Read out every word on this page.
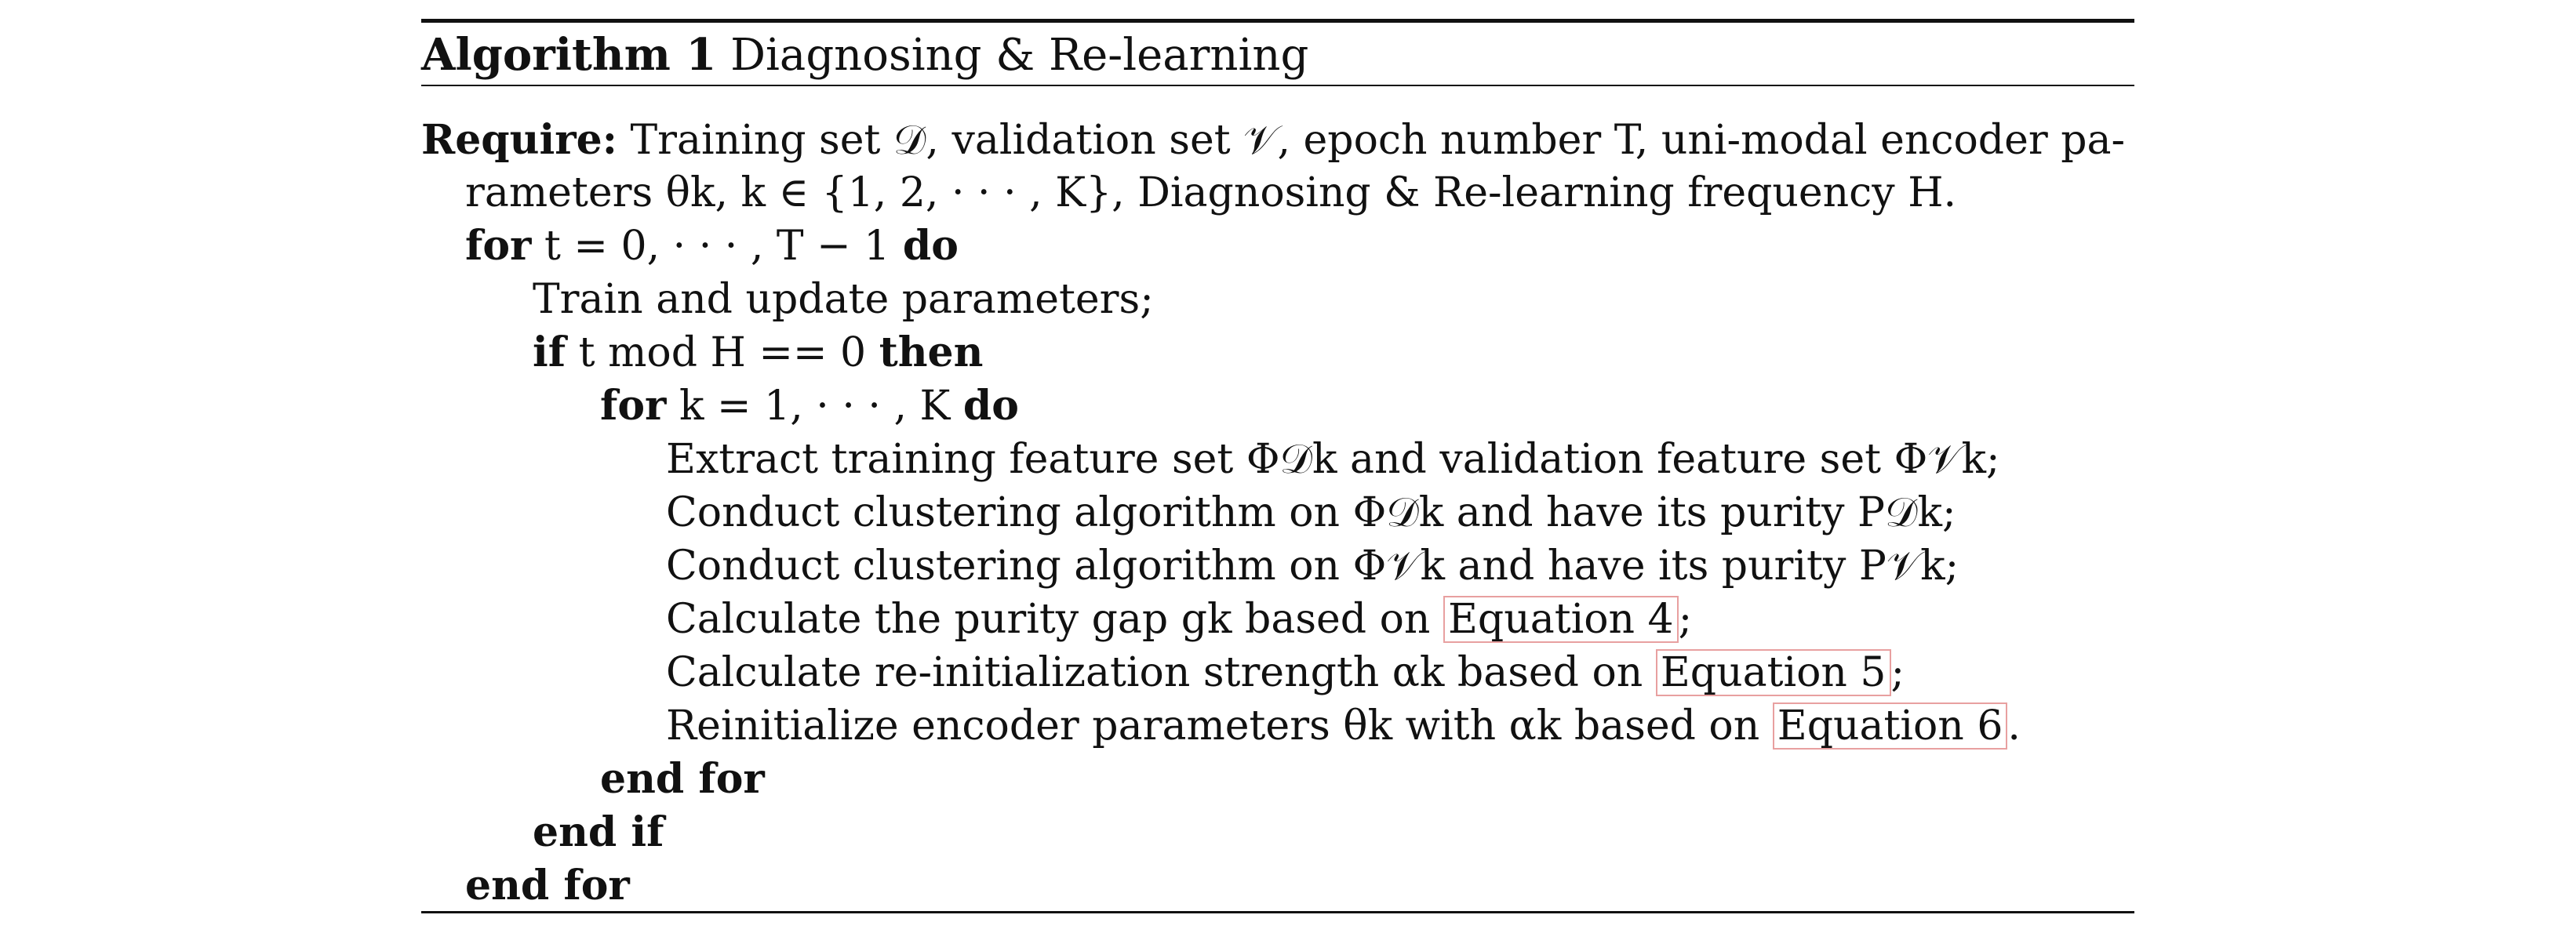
Algorithm 1 Diagnosing & Re-learning
Require: Training set 𝒟, validation set 𝒱, epoch number T, uni-modal encoder pa-
rameters θk, k ∈ {1, 2, · · · , K}, Diagnosing & Re-learning frequency H.
for t = 0, · · · , T − 1 do
Train and update parameters;
if t mod H == 0 then
for k = 1, · · · , K do
Extract training feature set Φ𝒟k and validation feature set Φ𝒱k;
Conduct clustering algorithm on Φ𝒟k and have its purity P𝒟k;
Conduct clustering algorithm on Φ𝒱k and have its purity P𝒱k;
Calculate the purity gap gk based on Equation 4 ;
Calculate re-initialization strength αk based on Equation 5 ;
Reinitialize encoder parameters θk with αk based on Equation 6 .
end for
end if
end for
